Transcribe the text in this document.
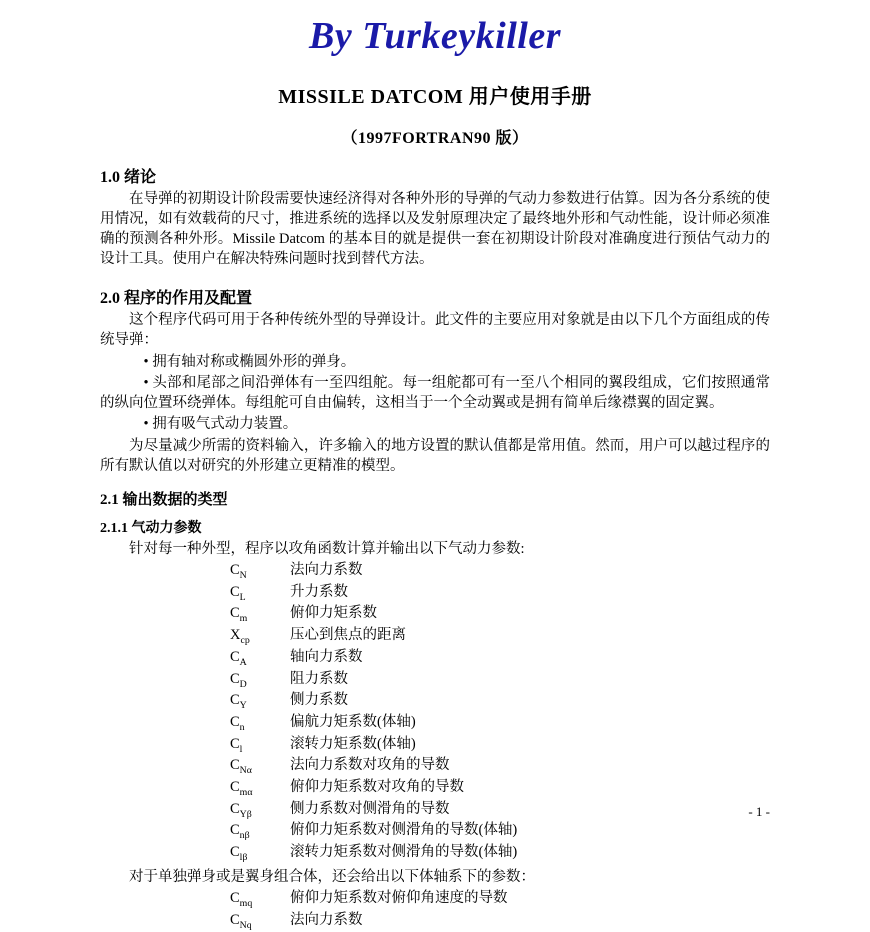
By Turkeykiller
MISSILE DATCOM 用户使用手册
（1997FORTRAN90 版）
1.0 绪论

在导弹的初期设计阶段需要快速经济得对各种外形的导弹的气动力参数进行估算。因为各分系统的使用情况，如有效载荷的尺寸，推进系统的选择以及发射原理决定了最终地外形和气动性能，设计师必须准确的预测各种外形。Missile Datcom 的基本目的就是提供一套在初期设计阶段对准确度进行预估气动力的设计工具。使用户在解决特殊问题时找到替代方法。

2.0 程序的作用及配置

这个程序代码可用于各种传统外型的导弹设计。此文件的主要应用对象就是由以下几个方面组成的传统导弹：

• 拥有轴对称或椭圆外形的弹身。

• 头部和尾部之间沿弹体有一至四组舵。每一组舵都可有一至八个相同的翼段组成，它们按照通常的纵向位置环绕弹体。每组舵可自由偏转，这相当于一个全动翼或是拥有简单后缘襟翼的固定翼。

• 拥有吸气式动力装置。

为尽量减少所需的资料输入，许多输入的地方设置的默认值都是常用值。然而，用户可以越过程序的所有默认值以对研究的外形建立更精准的模型。

2.1 输出数据的类型
2.1.1 气动力参数

针对每一种外型，程序以攻角函数计算并输出以下气动力参数:

$C_N$	法向力系数
$C_L$	升力系数
$C_m$	俯仰力矩系数
$X_{cp}$	压心到焦点的距离
$C_A$	轴向力系数
$C_D$	阻力系数
$C_Y$	侧力系数
$C_n$	偏航力矩系数(体轴)
$C_l$	滚转力矩系数(体轴)
$C_{N\alpha}$	法向力系数对攻角的导数
$C_{m\alpha}$	俯仰力矩系数对攻角的导数
$C_{Y\beta}$	侧力系数对侧滑角的导数
$C_{n\beta}$	俯仰力矩系数对侧滑角的导数(体轴)
$C_{l\beta}$	滚转力矩系数对侧滑角的导数(体轴)

对于单独弹身或是翼身组合体，还会给出以下体轴系下的参数：

$C_{mq}$	俯仰力矩系数对俯仰角速度的导数
$C_{Nq}$	法向力系数
- 1 -
